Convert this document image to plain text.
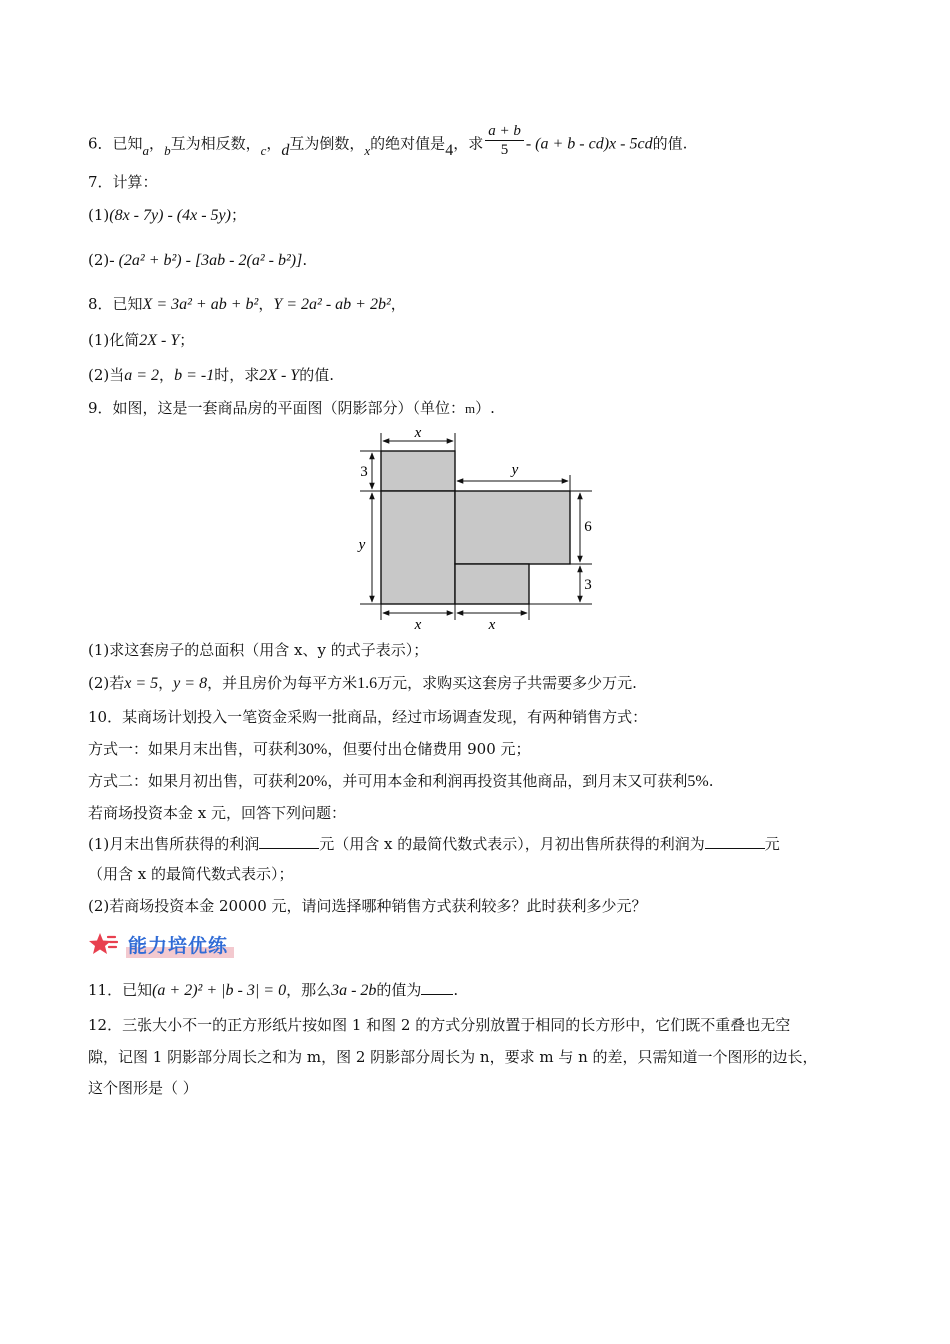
6．已知a，b互为相反数，c，d互为倒数，x的绝对值是4，求 $\frac{a + b}{5} - (a + b - cd)x - 5cd$的值.
7．计算：
(1)(8x - 7y) - (4x - 5y)；
(2)- (2a² + b²) - [3ab - 2(a² - b²)].
8．已知X = 3a² + ab + b²，Y = 2a² - ab + 2b²，
(1)化简2X - Y；
(2)当a = 2，b = -1时，求2X - Y的值.
9．如图，这是一套商品房的平面图（阴影部分）（单位：m）.
x
3
y
y
6
3
x	x
(1)求这套房子的总面积（用含 x、y 的式子表示）；
(2)若x = 5，y = 8，并且房价为每平方米1.6万元，求购买这套房子共需要多少万元.
10．某商场计划投入一笔资金采购一批商品，经过市场调查发现，有两种销售方式：
方式一：如果月末出售，可获利30%，但要付出仓储费用 900 元；
方式二：如果月初出售，可获利20%，并可用本金和利润再投资其他商品，到月末又可获利5%.
若商场投资本金 x 元，回答下列问题：
(1)月末出售所获得的利润	元（用含 x 的最简代数式表示），月初出售所获得的利润为	元
（用含 x 的最简代数式表示）；
(2)若商场投资本金 20000 元，请问选择哪种销售方式获利较多？此时获利多少元？
能力培优练
11．已知(a + 2)² + |b - 3| = 0，那么3a - 2b的值为 .
12．三张大小不一的正方形纸片按如图 1 和图 2 的方式分别放置于相同的长方形中，它们既不重叠也无空
隙，记图 1 阴影部分周长之和为 m，图 2 阴影部分周长为 n，要求 m 与 n 的差，只需知道一个图形的边长，
这个图形是（ ）
